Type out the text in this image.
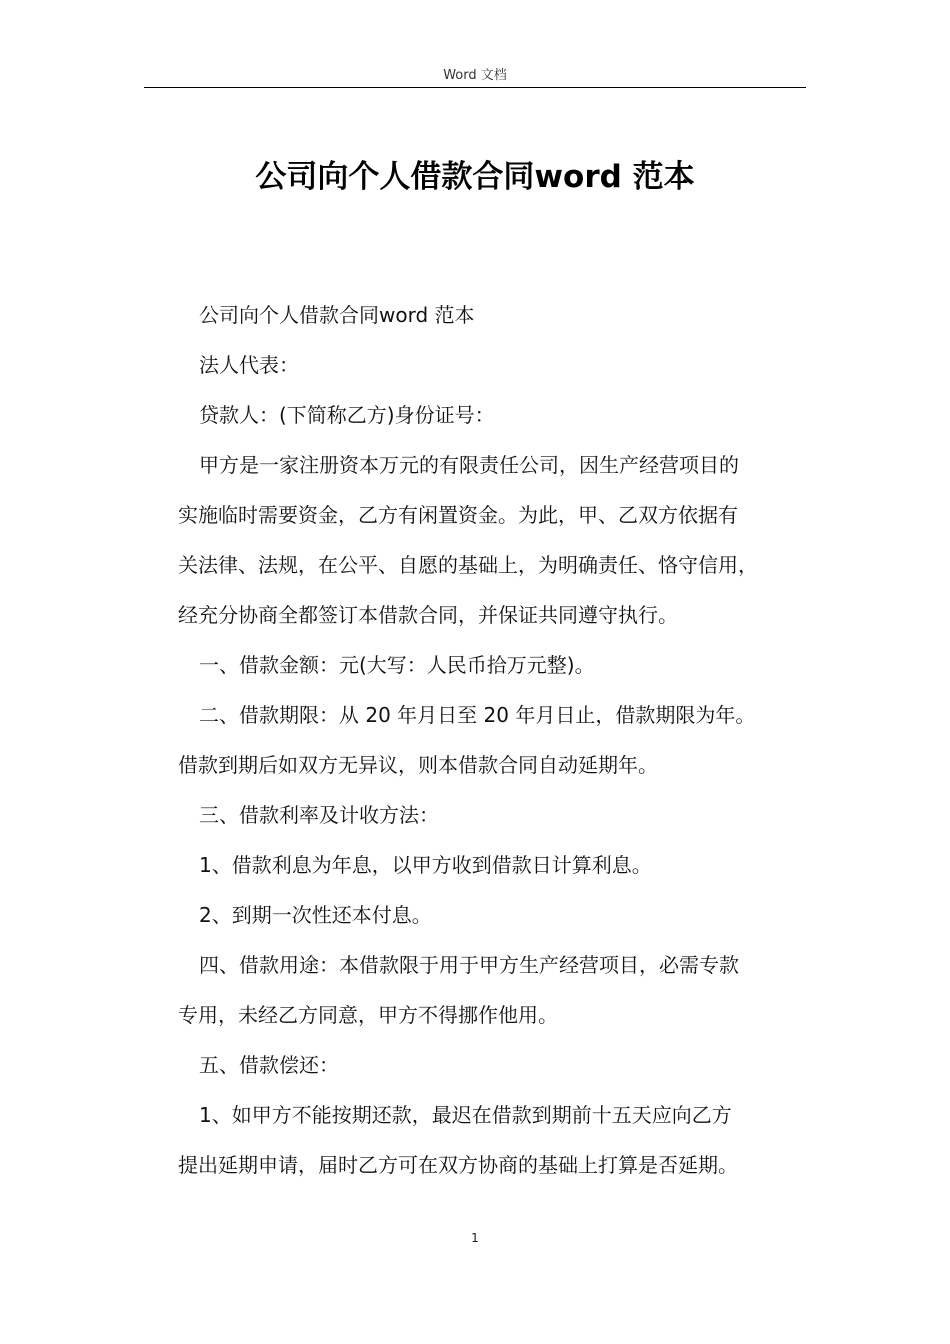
Word 文档
公司向个人借款合同word 范本

公司向个人借款合同word 范本

法人代表：

贷款人：(下简称乙方)身份证号：

甲方是一家注册资本万元的有限责任公司，因生产经营项目的

实施临时需要资金，乙方有闲置资金。为此，甲、乙双方依据有

关法律、法规，在公平、自愿的基础上，为明确责任、恪守信用，

经充分协商全都签订本借款合同，并保证共同遵守执行。

一、借款金额：元(大写：人民币拾万元整)。

二、借款期限：从 20 年月日至 20 年月日止，借款期限为年。

借款到期后如双方无异议，则本借款合同自动延期年。

三、借款利率及计收方法：

1、借款利息为年息，以甲方收到借款日计算利息。

2、到期一次性还本付息。

四、借款用途：本借款限于用于甲方生产经营项目，必需专款

专用，未经乙方同意，甲方不得挪作他用。

五、借款偿还：

1、如甲方不能按期还款，最迟在借款到期前十五天应向乙方

提出延期申请，届时乙方可在双方协商的基础上打算是否延期。

1
